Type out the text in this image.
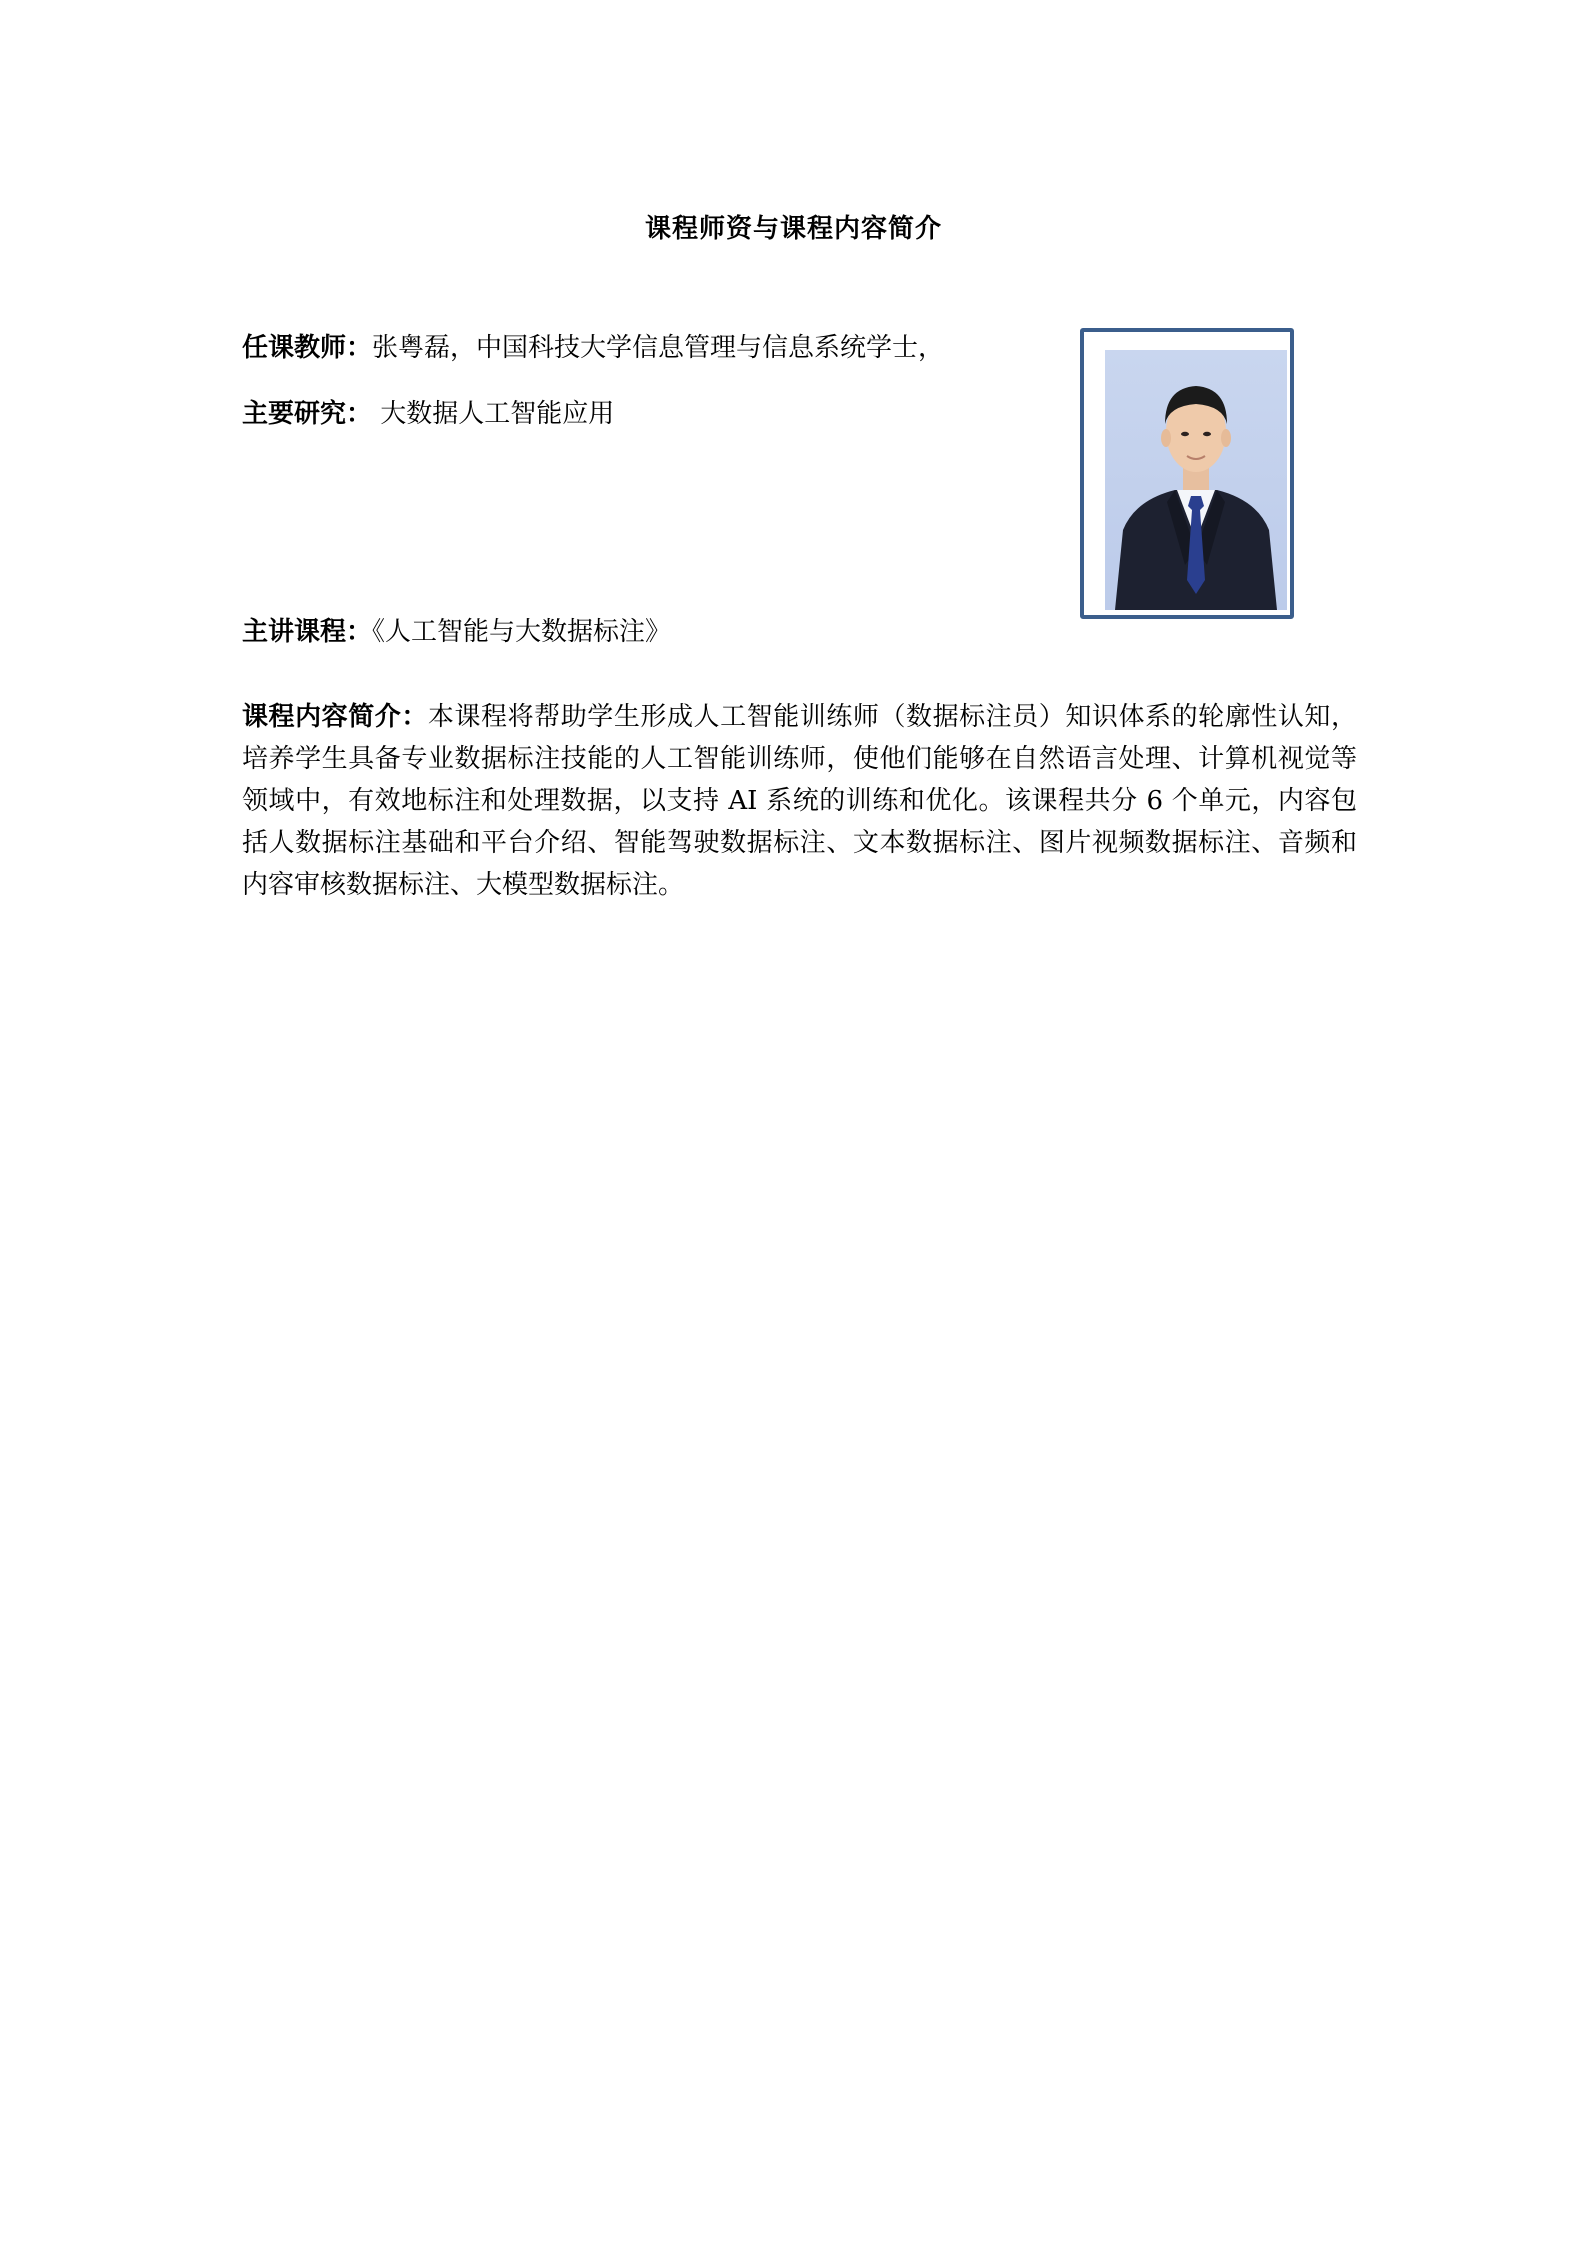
课程师资与课程内容简介
任课教师：张粤磊，中国科技大学信息管理与信息系统学士，
主要研究： 大数据人工智能应用
主讲课程：《人工智能与大数据标注》
课程内容简介：本课程将帮助学生形成人工智能训练师（数据标注员）知识体系的轮廓性认知，培养学生具备专业数据标注技能的人工智能训练师，使他们能够在自然语言处理、计算机视觉等领域中，有效地标注和处理数据，以支持 AI 系统的训练和优化。该课程共分 6 个单元，内容包括人数据标注基础和平台介绍、智能驾驶数据标注、文本数据标注、图片视频数据标注、音频和内容审核数据标注、大模型数据标注。
